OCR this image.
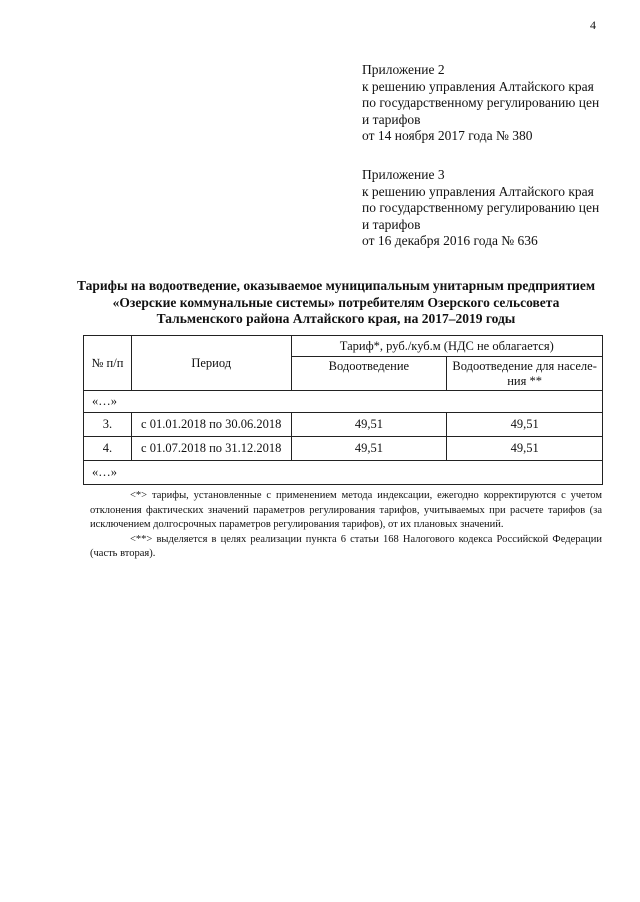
4
Приложение 2
к решению управления Алтайского края
по государственному регулированию цен
и тарифов
от 14 ноября 2017 года № 380
Приложение 3
к решению управления Алтайского края
по государственному регулированию цен
и тарифов
от 16 декабря 2016 года № 636
Тарифы на водоотведение, оказываемое муниципальным унитарным предприятием
«Озерские коммунальные системы» потребителям Озерского сельсовета
Тальменского района Алтайского края, на 2017–2019 годы
№ п/п	Период	Тариф*, руб./куб.м (НДС не облагается)	
		Водоотведение	Водоотведение для населе-
ния **

«…»			
3.	с 01.01.2018 по 30.06.2018	49,51	49,51
4.	с 01.07.2018 по 31.12.2018	49,51	49,51
«…»			

<*> тарифы, установленные с применением метода индексации, ежегодно корректируются с учетом отклонения фактических значений параметров регулирования тарифов, учитываемых при расчете тарифов (за исключением долгосрочных параметров регулирования тарифов), от их плановых значений.

<**> выделяется в целях реализации пункта 6 статьи 168 Налогового кодекса Российской Федерации (часть вторая).
